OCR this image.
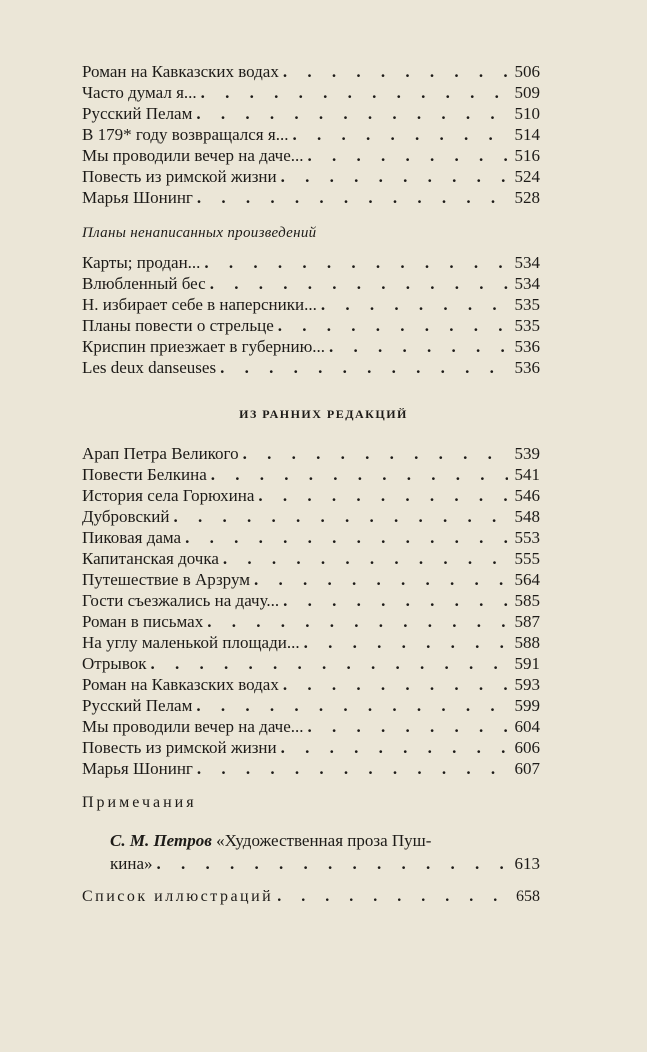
Роман на Кавказских водах . . .	506
Часто думал я... . . .	509
Русский Пелам . . .	510
В 179* году возвращался я... . . .	514
Мы проводили вечер на даче... . . .	516
Повесть из римской жизни . . .	524
Марья Шонинг . . .	528
Планы ненаписанных произведений
Карты; продан... . . .	534
Влюбленный бес . . .	534
Н. избирает себе в наперсники... . . .	535
Планы повести о стрельце . . .	535
Криспин приезжает в губернию... . . .	536
Les deux danseuses . . .	536
ИЗ РАННИХ РЕДАКЦИЙ
Арап Петра Великого . . .	539
Повести Белкина . . .	541
История села Горюхина . . .	546
Дубровский . . .	548
Пиковая дама . . .	553
Капитанская дочка . . .	555
Путешествие в Арзрум . . .	564
Гости съезжались на дачу... . . .	585
Роман в письмах . . .	587
На углу маленькой площади... . . .	588
Отрывок . . .	591
Роман на Кавказских водах . . .	593
Русский Пелам . . .	599
Мы проводили вечер на даче... . . .	604
Повесть из римской жизни . . .	606
Марья Шонинг . . .	607
Примечания
С. М. Петров «Художественная проза Пуш-
кина» . . .	613
Список иллюстраций . . .	658
